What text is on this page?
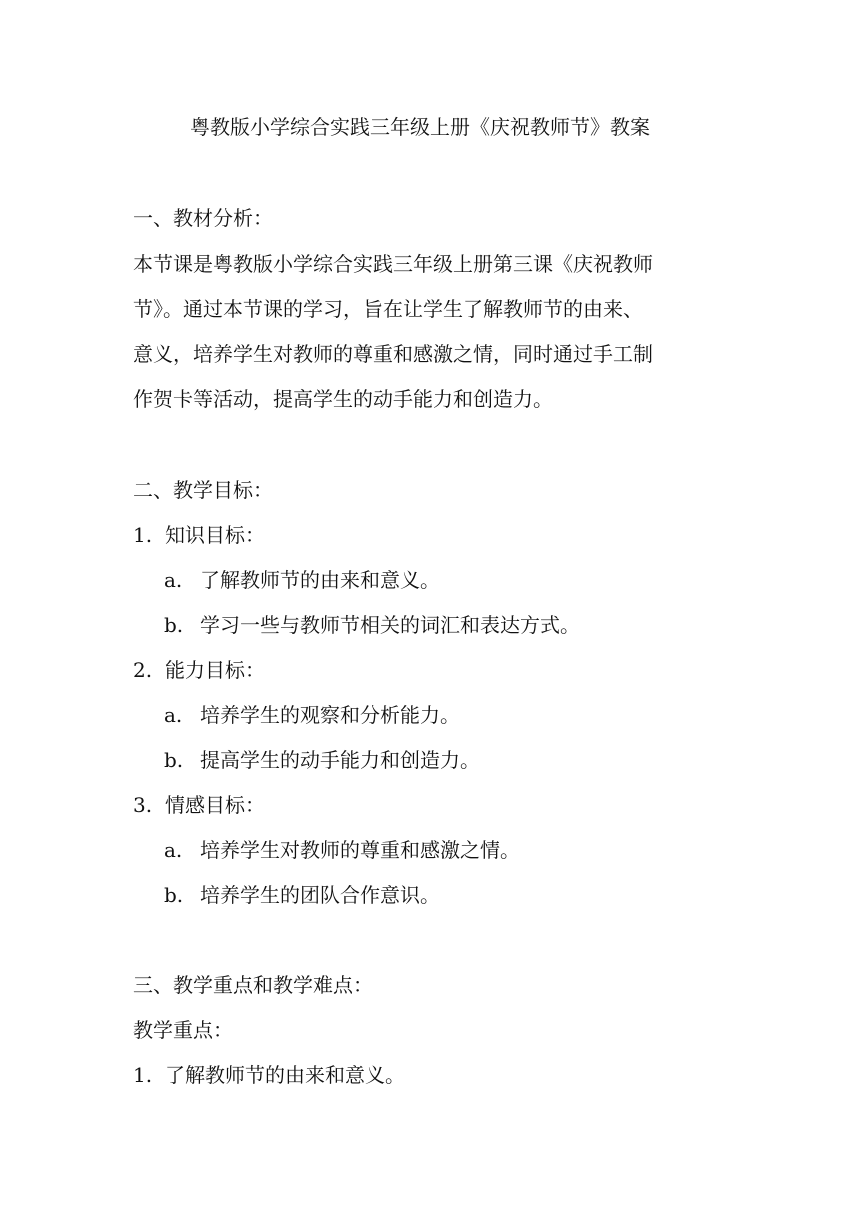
粤教版小学综合实践三年级上册《庆祝教师节》教案
一、教材分析：
本节课是粤教版小学综合实践三年级上册第三课《庆祝教师
节》。通过本节课的学习，旨在让学生了解教师节的由来、
意义，培养学生对教师的尊重和感激之情，同时通过手工制
作贺卡等活动，提高学生的动手能力和创造力。
二、教学目标：
1. 知识目标：
a. 了解教师节的由来和意义。
b. 学习一些与教师节相关的词汇和表达方式。
2. 能力目标：
a. 培养学生的观察和分析能力。
b. 提高学生的动手能力和创造力。
3. 情感目标：
a. 培养学生对教师的尊重和感激之情。
b. 培养学生的团队合作意识。
三、教学重点和教学难点：
教学重点：
1. 了解教师节的由来和意义。
